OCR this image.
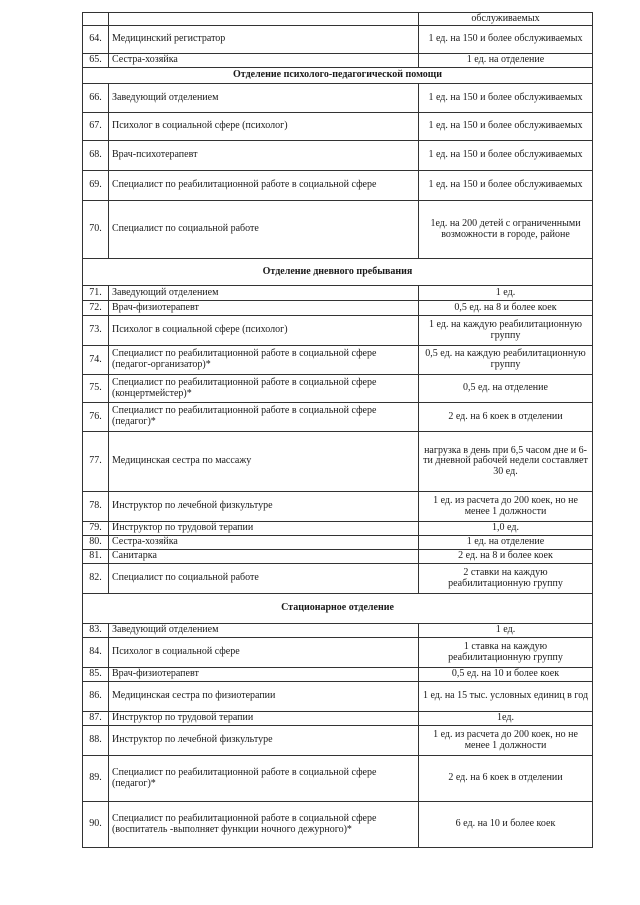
		обслуживаемых
64.	Медицинский регистратор	1 ед. на 150 и более обслуживаемых
65.	Сестра-хозяйка	1 ед. на отделение
Отделение психолого-педагогической помощи		
66.	Заведующий отделением	1 ед. на 150 и более обслуживаемых
67.	Психолог в социальной сфере (психолог)	1 ед. на 150 и более обслуживаемых
68.	Врач-психотерапевт	1 ед. на 150 и более обслуживаемых
69.	Специалист по реабилитационной работе в социальной сфере	1 ед. на 150 и более обслуживаемых
70.	Специалист по социальной работе	1ед. на 200 детей с ограниченными возможности в городе, районе
Отделение дневного пребывания		
71.	Заведующий отделением	1 ед.
72.	Врач-физиотерапевт	0,5 ед. на 8 и более коек
73.	Психолог в социальной сфере (психолог)	1 ед. на каждую реабилитационную группу
74.	Специалист по реабилитационной работе в социальной сфере (педагог-организатор)*	0,5 ед. на каждую реабилитационную группу
75.	Специалист по реабилитационной работе в социальной сфере (концертмейстер)*	0,5 ед. на отделение
76.	Специалист по реабилитационной работе в социальной сфере (педагог)*	2 ед. на 6 коек в отделении
77.	Медицинская сестра по массажу	нагрузка в день при 6,5 часом дне и 6-ти дневной рабочей недели составляет 30 ед.
78.	Инструктор по лечебной физкультуре	1 ед. из расчета до 200 коек, но не менее 1 должности
79.	Инструктор по трудовой терапии	1,0 ед.
80.	Сестра-хозяйка	1 ед. на отделение
81.	Санитарка	2 ед. на 8 и более коек
82.	Специалист по социальной работе	2 ставки на каждую реабилитационную группу
Стационарное отделение		
83.	Заведующий отделением	1 ед.
84.	Психолог в социальной сфере	1 ставка на каждую реабилитационную группу
85.	Врач-физиотерапевт	0,5 ед. на 10 и более коек
86.	Медицинская сестра по физиотерапии	1 ед. на 15 тыс. условных единиц в год
87.	Инструктор по трудовой терапии	1ед.
88.	Инструктор по лечебной физкультуре	1 ед. из расчета до 200 коек, но не менее 1 должности
89.	Специалист по реабилитационной работе в социальной сфере (педагог)*	2 ед. на 6 коек в отделении
90.	Специалист по реабилитационной работе в социальной сфере (воспитатель -выполняет функции ночного дежурного)*	6 ед. на 10 и более коек
